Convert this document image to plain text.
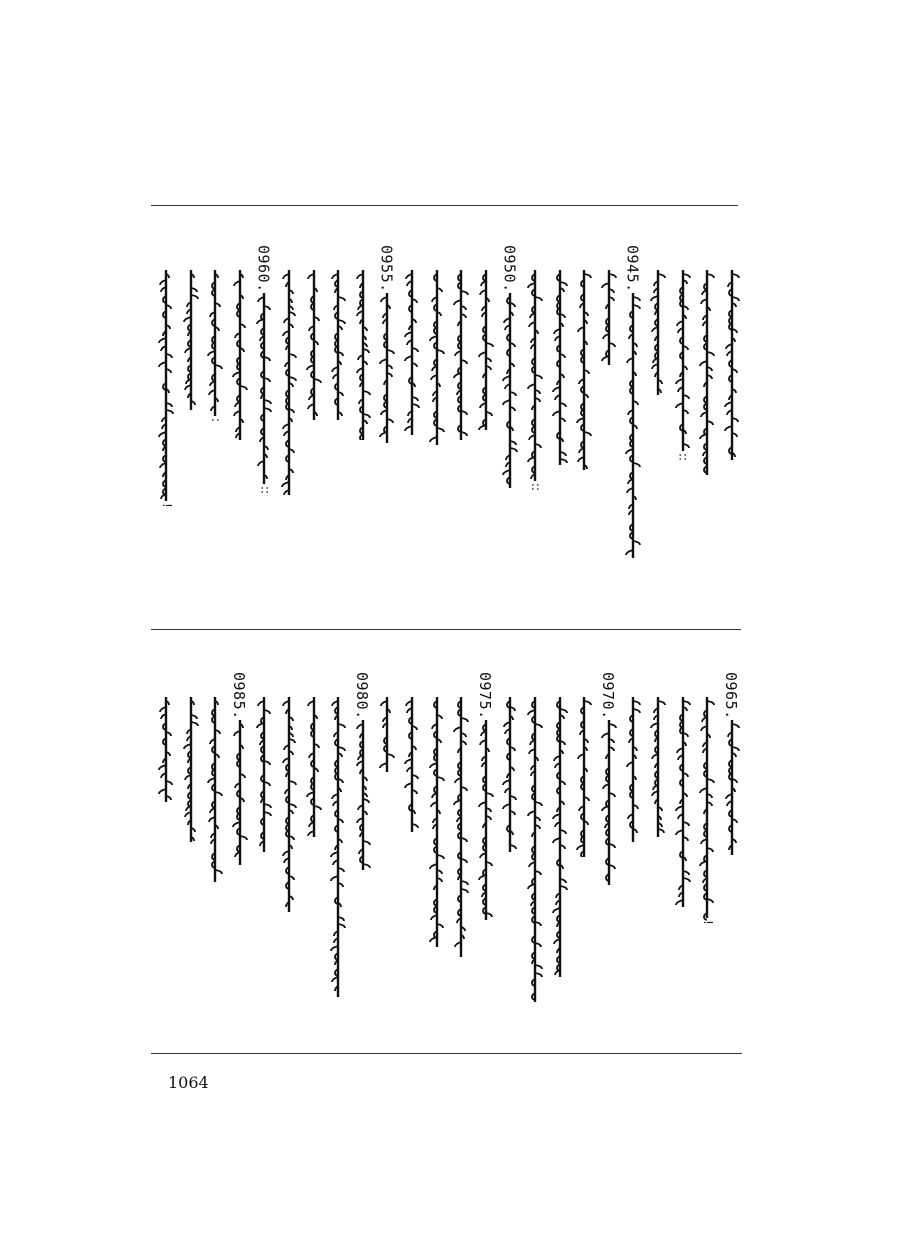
!
:
0960.
::
0955.	0950.
::
0945.
::
0985.	0980.	0975.	0970.
!
0965.
1064
